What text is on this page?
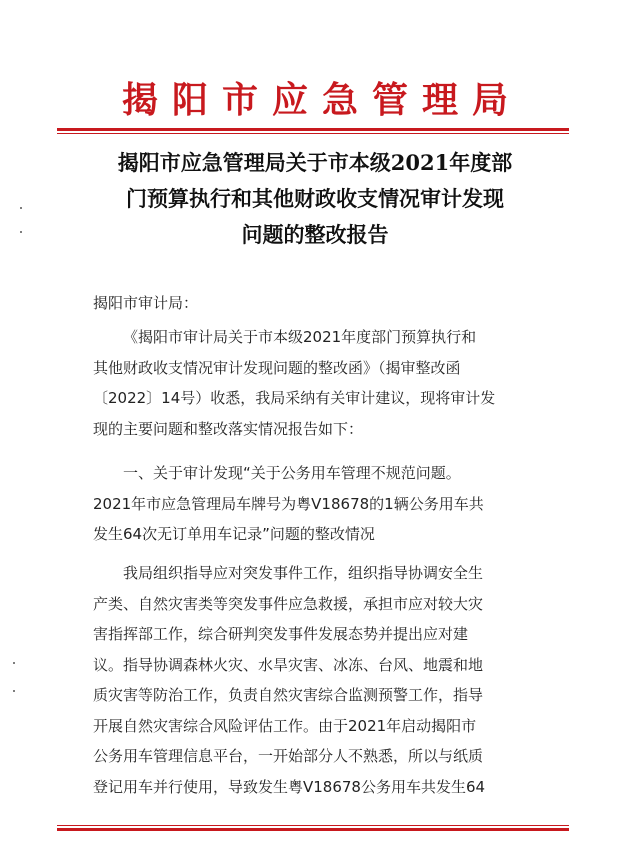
揭阳市应急管理局
揭阳市应急管理局关于市本级2021年度部
门预算执行和其他财政收支情况审计发现
问题的整改报告
揭阳市审计局：
《揭阳市审计局关于市本级2021年度部门预算执行和
其他财政收支情况审计发现问题的整改函》（揭审整改函
〔2022〕14号）收悉，我局采纳有关审计建议，现将审计发
现的主要问题和整改落实情况报告如下：
一、关于审计发现“关于公务用车管理不规范问题。
2021年市应急管理局车牌号为粤V18678的1辆公务用车共
发生64次无订单用车记录”问题的整改情况
我局组织指导应对突发事件工作，组织指导协调安全生
产类、自然灾害类等突发事件应急救援，承担市应对较大灾
害指挥部工作，综合研判突发事件发展态势并提出应对建
议。指导协调森林火灾、水旱灾害、冰冻、台风、地震和地
质灾害等防治工作，负责自然灾害综合监测预警工作，指导
开展自然灾害综合风险评估工作。由于2021年启动揭阳市
公务用车管理信息平台，一开始部分人不熟悉，所以与纸质
登记用车并行使用，导致发生粤V18678公务用车共发生64
